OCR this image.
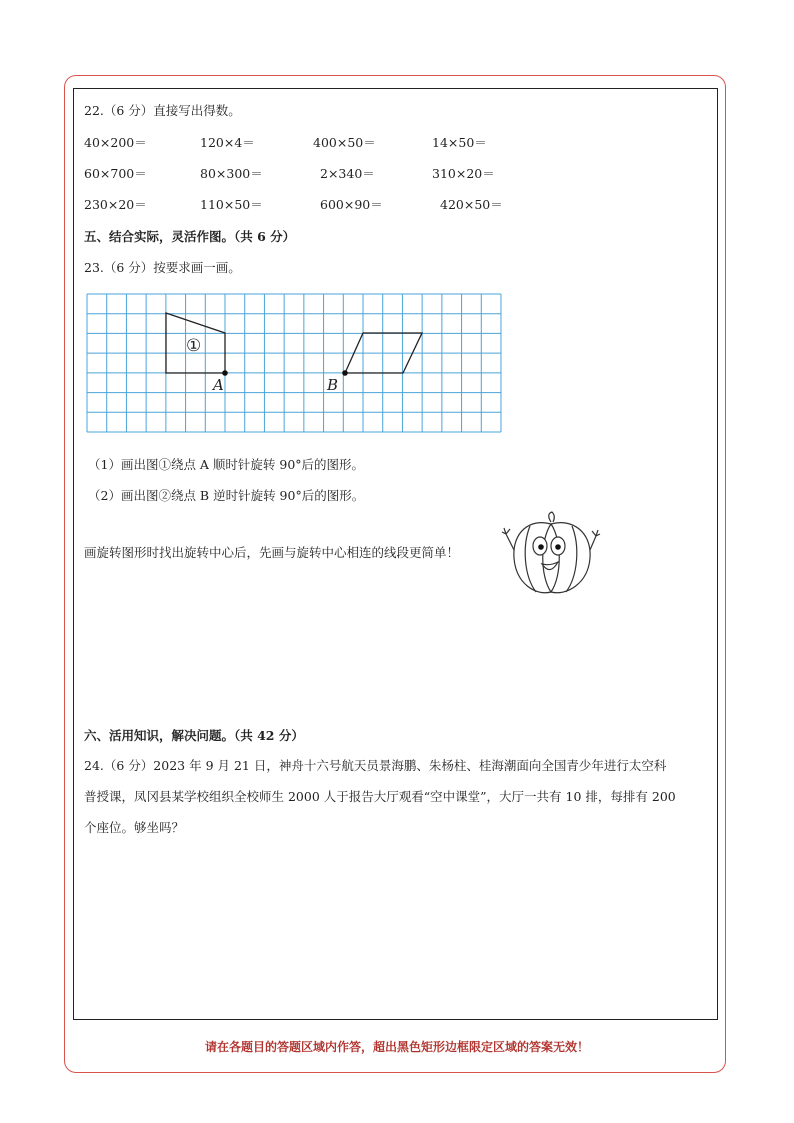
22.（6 分）直接写出得数。
40×200＝	120×4＝	400×50＝	14×50＝
60×700＝	80×300＝	2×340＝	310×20＝
230×20＝	110×50＝	600×90＝	420×50＝
五、结合实际，灵活作图。（共 6 分）
23.（6 分）按要求画一画。
①
A	B
（1）画出图①绕点 A 顺时针旋转 90°后的图形。
（2）画出图②绕点 B 逆时针旋转 90°后的图形。
画旋转图形时找出旋转中心后，先画与旋转中心相连的线段更简单！
六、活用知识，解决问题。（共 42 分）
24.（6 分）2023 年 9 月 21 日，神舟十六号航天员景海鹏、朱杨柱、桂海潮面向全国青少年进行太空科
普授课，凤冈县某学校组织全校师生 2000 人于报告大厅观看“空中课堂”，大厅一共有 10 排，每排有 200
个座位。够坐吗？
请在各题目的答题区域内作答，超出黑色矩形边框限定区域的答案无效！
